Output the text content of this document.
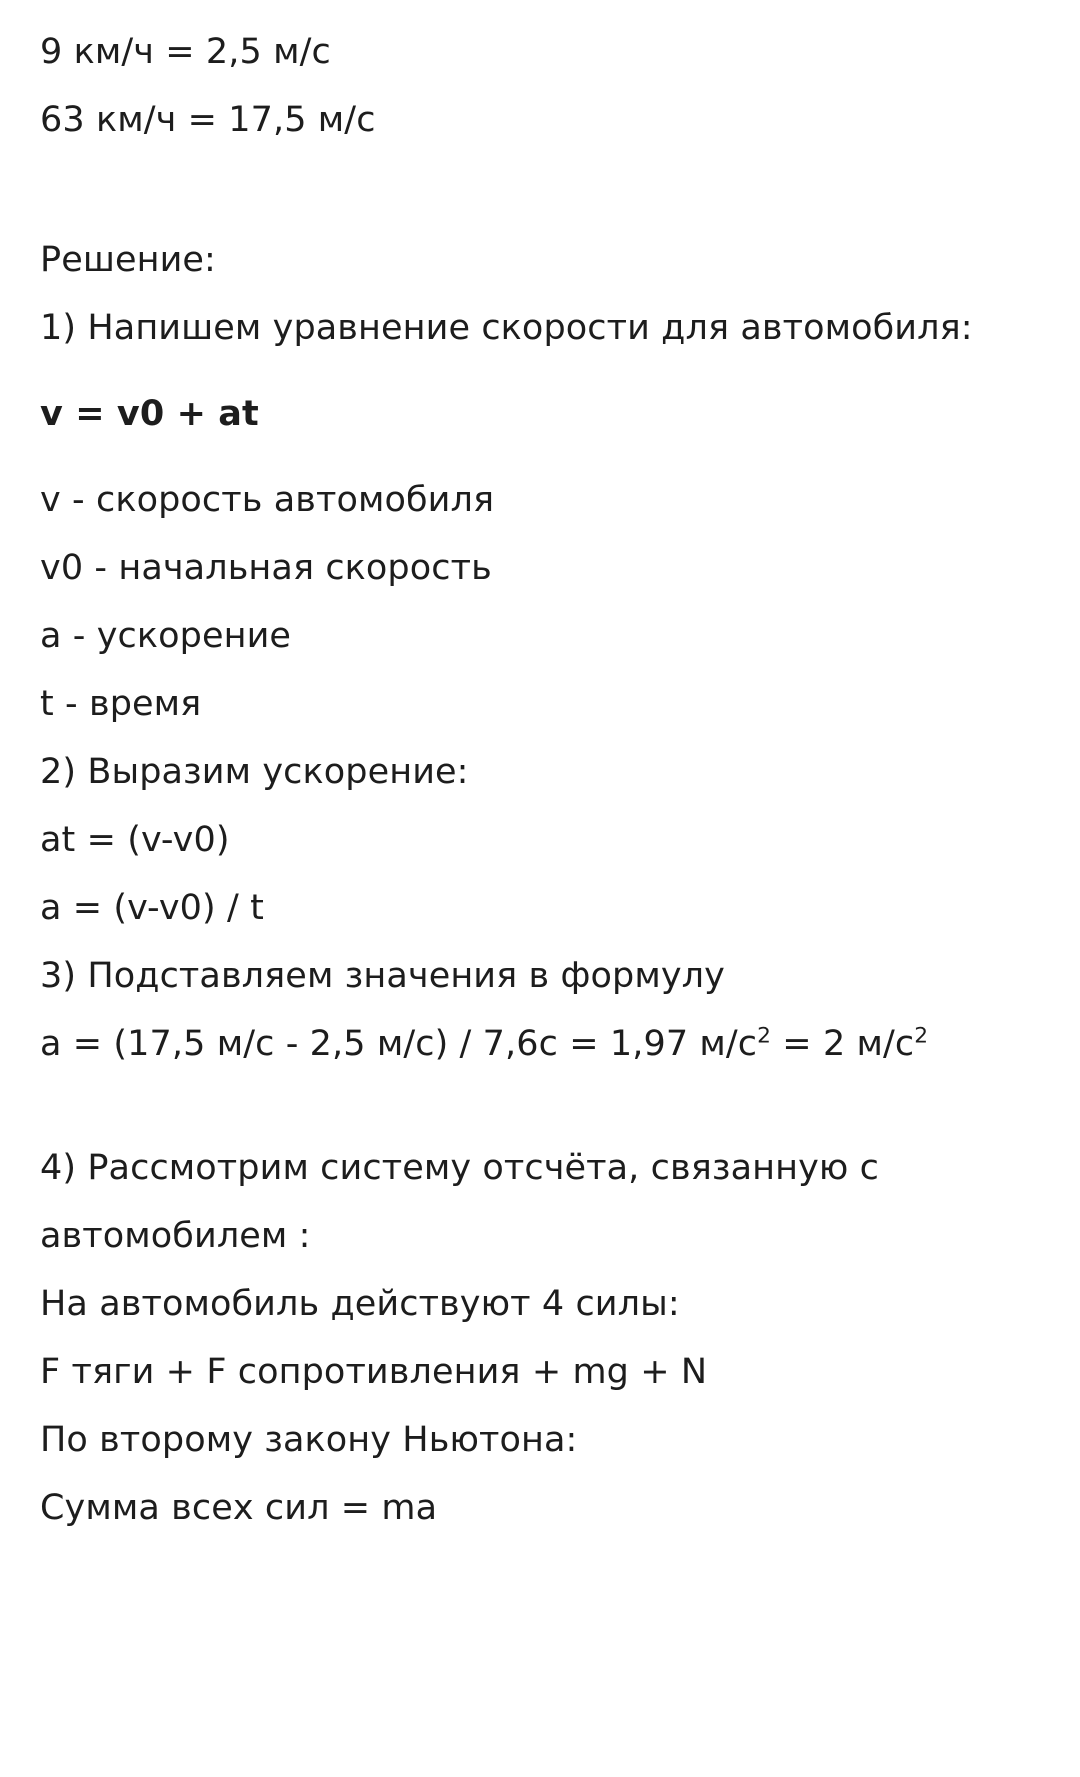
9 км/ч = 2,5 м/с
63 км/ч = 17,5 м/с
Решение:
1) Напишем уравнение скорости для автомобиля:
v = v0 + at
v - скорость автомобиля
v0 - начальная скорость
a - ускорение
t - время
2) Выразим ускорение:
at = (v-v0)
a = (v-v0) / t
3) Подставляем значения в формулу
a = (17,5 м/с - 2,5 м/с) / 7,6с = 1,97 $м/с^2 = 2$ $м/с^2$
4) Рассмотрим систему отсчёта, связанную с автомобилем :
На автомобиль действуют 4 силы:
F тяги + F сопротивления + mg + N
По второму закону Ньютона:
Сумма всех сил = ma
